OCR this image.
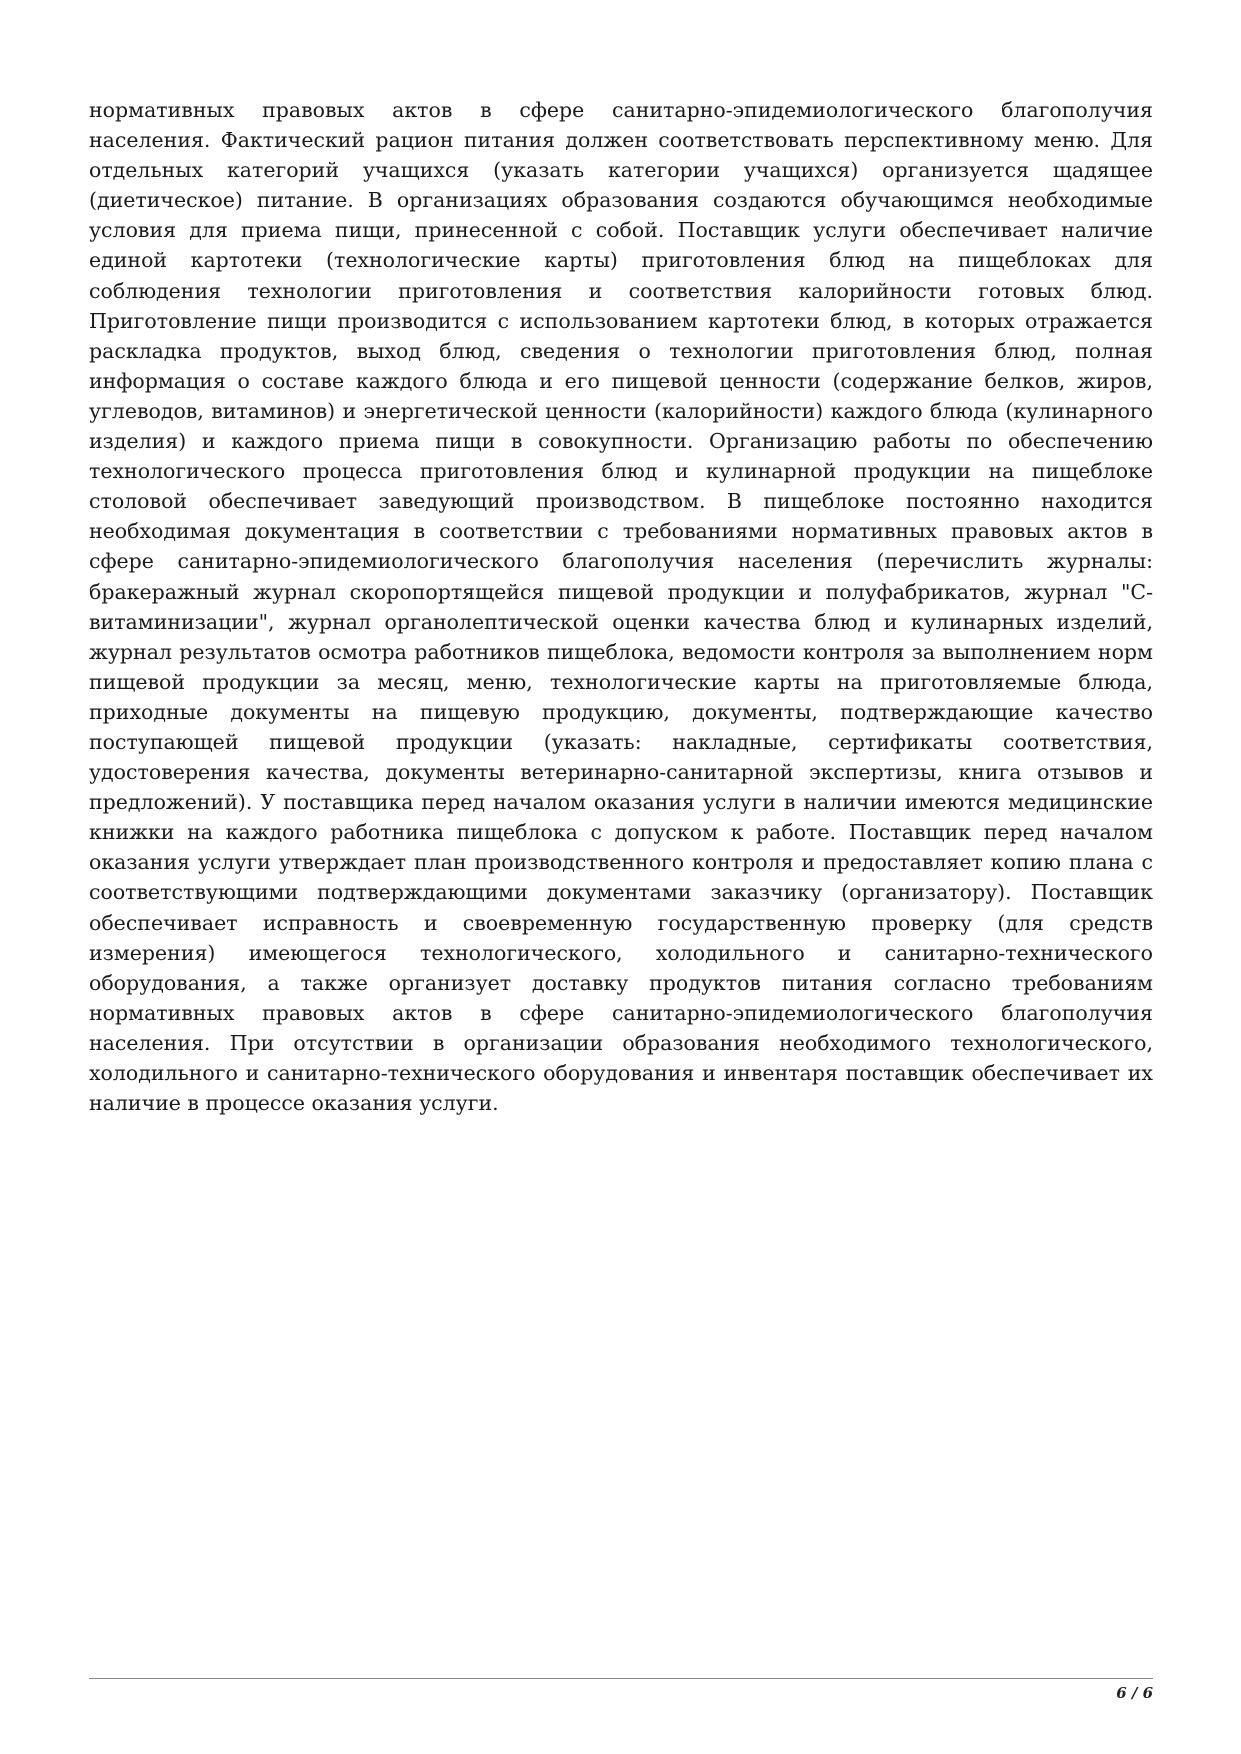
нормативных правовых актов в сфере санитарно-эпидемиологического благополучия населения. Фактический рацион питания должен соответствовать перспективному меню. Для отдельных категорий учащихся (указать категории учащихся) организуется щадящее (диетическое) питание. В организациях образования создаются обучающимся необходимые условия для приема пищи, принесенной с собой. Поставщик услуги обеспечивает наличие единой картотеки (технологические карты) приготовления блюд на пищеблоках для соблюдения технологии приготовления и соответствия калорийности готовых блюд. Приготовление пищи производится с использованием картотеки блюд, в которых отражается раскладка продуктов, выход блюд, сведения о технологии приготовления блюд, полная информация о составе каждого блюда и его пищевой ценности (содержание белков, жиров, углеводов, витаминов) и энергетической ценности (калорийности) каждого блюда (кулинарного изделия) и каждого приема пищи в совокупности. Организацию работы по обеспечению технологического процесса приготовления блюд и кулинарной продукции на пищеблоке столовой обеспечивает заведующий производством. В пищеблоке постоянно находится необходимая документация в соответствии с требованиями нормативных правовых актов в сфере санитарно-эпидемиологического благополучия населения (перечислить журналы: бракеражный журнал скоропортящейся пищевой продукции и полуфабрикатов, журнал "С-витаминизации", журнал органолептической оценки качества блюд и кулинарных изделий, журнал результатов осмотра работников пищеблока, ведомости контроля за выполнением норм пищевой продукции за месяц, меню, технологические карты на приготовляемые блюда, приходные документы на пищевую продукцию, документы, подтверждающие качество поступающей пищевой продукции (указать: накладные, сертификаты соответствия, удостоверения качества, документы ветеринарно-санитарной экспертизы, книга отзывов и предложений). У поставщика перед началом оказания услуги в наличии имеются медицинские книжки на каждого работника пищеблока с допуском к работе. Поставщик перед началом оказания услуги утверждает план производственного контроля и предоставляет копию плана с соответствующими подтверждающими документами заказчику (организатору). Поставщик обеспечивает исправность и своевременную государственную проверку (для средств измерения) имеющегося технологического, холодильного и санитарно-технического оборудования, а также организует доставку продуктов питания согласно требованиям нормативных правовых актов в сфере санитарно-эпидемиологического благополучия населения. При отсутствии в организации образования необходимого технологического, холодильного и санитарно-технического оборудования и инвентаря поставщик обеспечивает их наличие в процессе оказания услуги.

6 / 6
